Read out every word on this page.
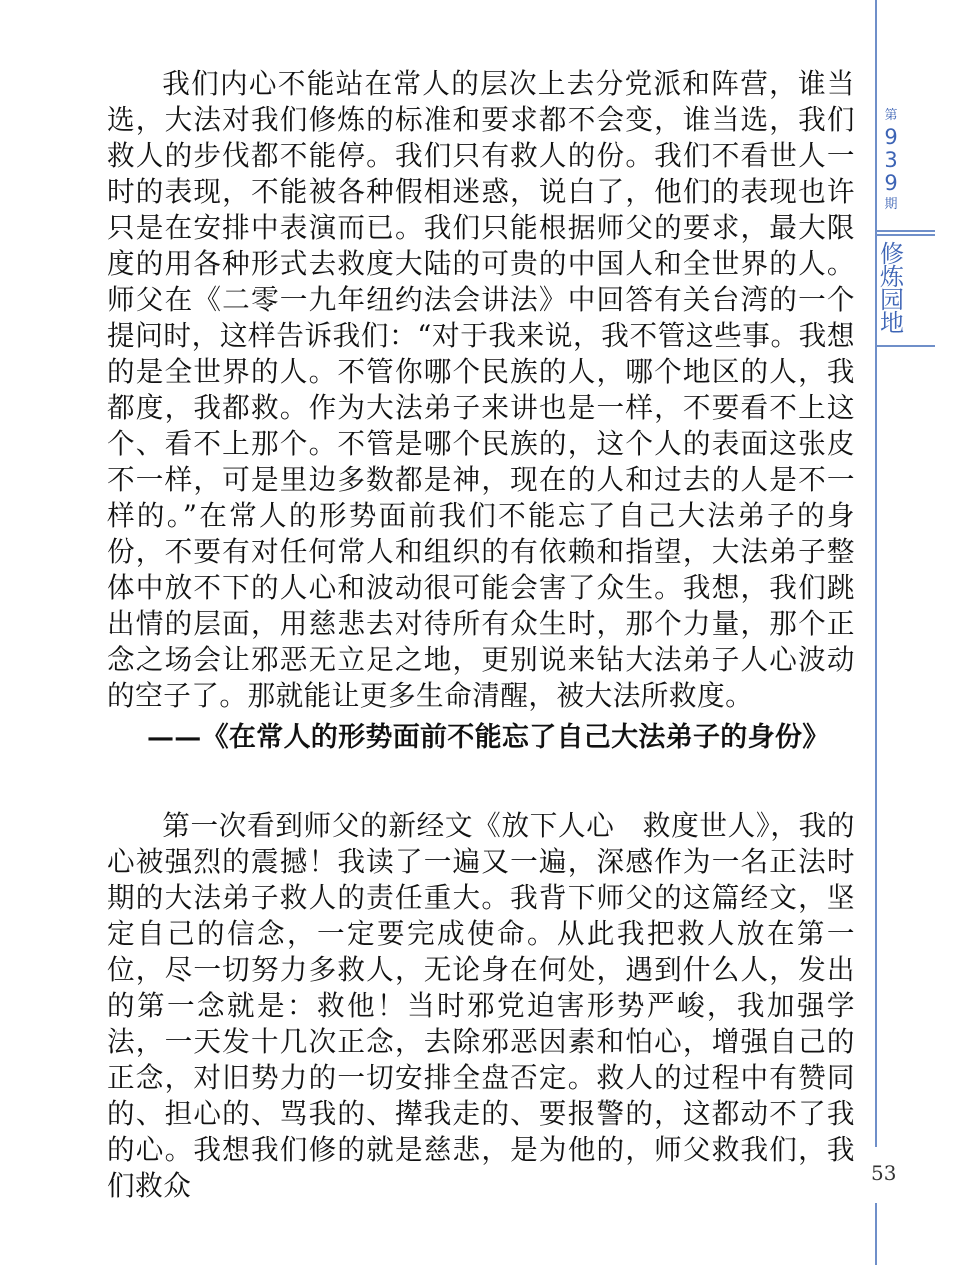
我们内心不能站在常人的层次上去分党派和阵营，谁当选，大法对我们修炼的标准和要求都不会变，谁当选，我们救人的步伐都不能停。我们只有救人的份。我们不看世人一时的表现，不能被各种假相迷惑，说白了，他们的表现也许只是在安排中表演而已。我们只能根据师父的要求，最大限度的用各种形式去救度大陆的可贵的中国人和全世界的人。师父在《二零一九年纽约法会讲法》中回答有关台湾的一个提问时，这样告诉我们：“对于我来说，我不管这些事。我想的是全世界的人。不管你哪个民族的人，哪个地区的人，我都度，我都救。作为大法弟子来讲也是一样，不要看不上这个、看不上那个。不管是哪个民族的，这个人的表面这张皮不一样，可是里边多数都是神，现在的人和过去的人是不一样的。”在常人的形势面前我们不能忘了自己大法弟子的身份，不要有对任何常人和组织的有依赖和指望，大法弟子整体中放不下的人心和波动很可能会害了众生。我想，我们跳出情的层面，用慈悲去对待所有众生时，那个力量，那个正念之场会让邪恶无立足之地，更别说来钻大法弟子人心波动的空子了。那就能让更多生命清醒，被大法所救度。

——《在常人的形势面前不能忘了自己大法弟子的身份》

第一次看到师父的新经文《放下人心　救度世人》，我的心被强烈的震撼！我读了一遍又一遍，深感作为一名正法时期的大法弟子救人的责任重大。我背下师父的这篇经文，坚定自己的信念，一定要完成使命。从此我把救人放在第一位，尽一切努力多救人，无论身在何处，遇到什么人，发出的第一念就是：救他！当时邪党迫害形势严峻，我加强学法，一天发十几次正念，去除邪恶因素和怕心，增强自己的正念，对旧势力的一切安排全盘否定。救人的过程中有赞同的、担心的、骂我的、撵我走的、要报警的，这都动不了我的心。我想我们修的就是慈悲，是为他的，师父救我们，我们救众

第
9
3
9
期
修
炼
园
地
53
